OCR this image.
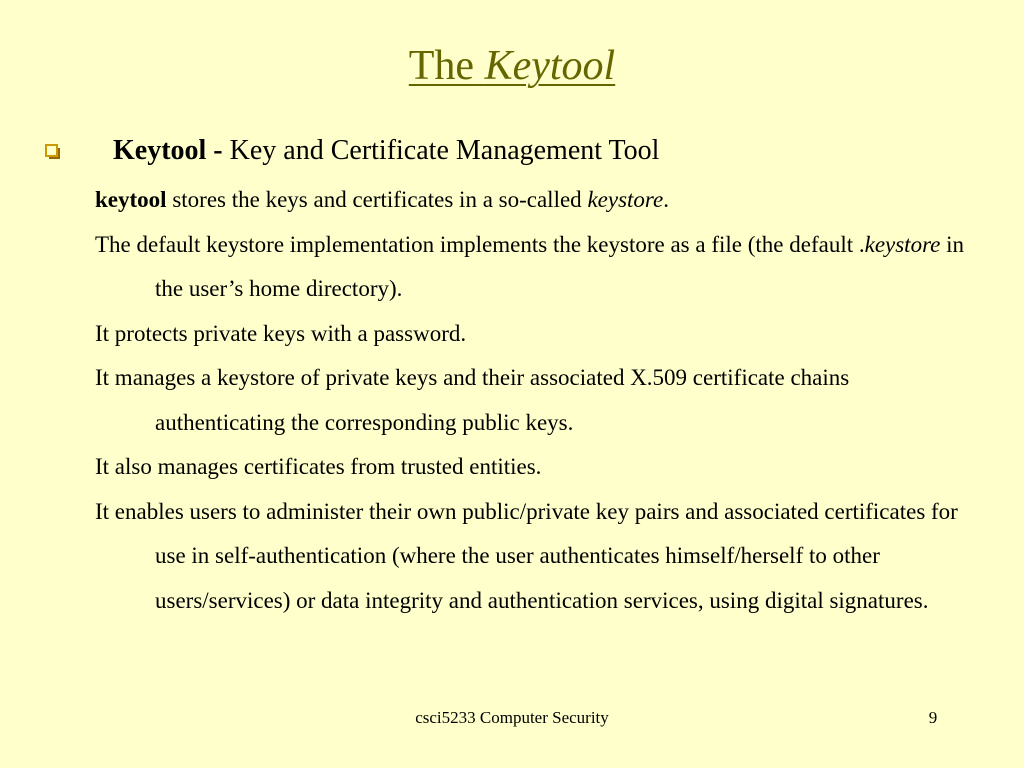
The Keytool
Keytool - Key and Certificate Management Tool
keytool stores the keys and certificates in a so-called keystore.
The default keystore implementation implements the keystore as a file (the default .keystore in the user’s home directory).
It protects private keys with a password.
It manages a keystore of private keys and their associated X.509 certificate chains authenticating the corresponding public keys.
It also manages certificates from trusted entities.
It enables users to administer their own public/private key pairs and associated certificates for use in self-authentication (where the user authenticates himself/herself to other users/services) or data integrity and authentication services, using digital signatures.
csci5233 Computer Security	9
